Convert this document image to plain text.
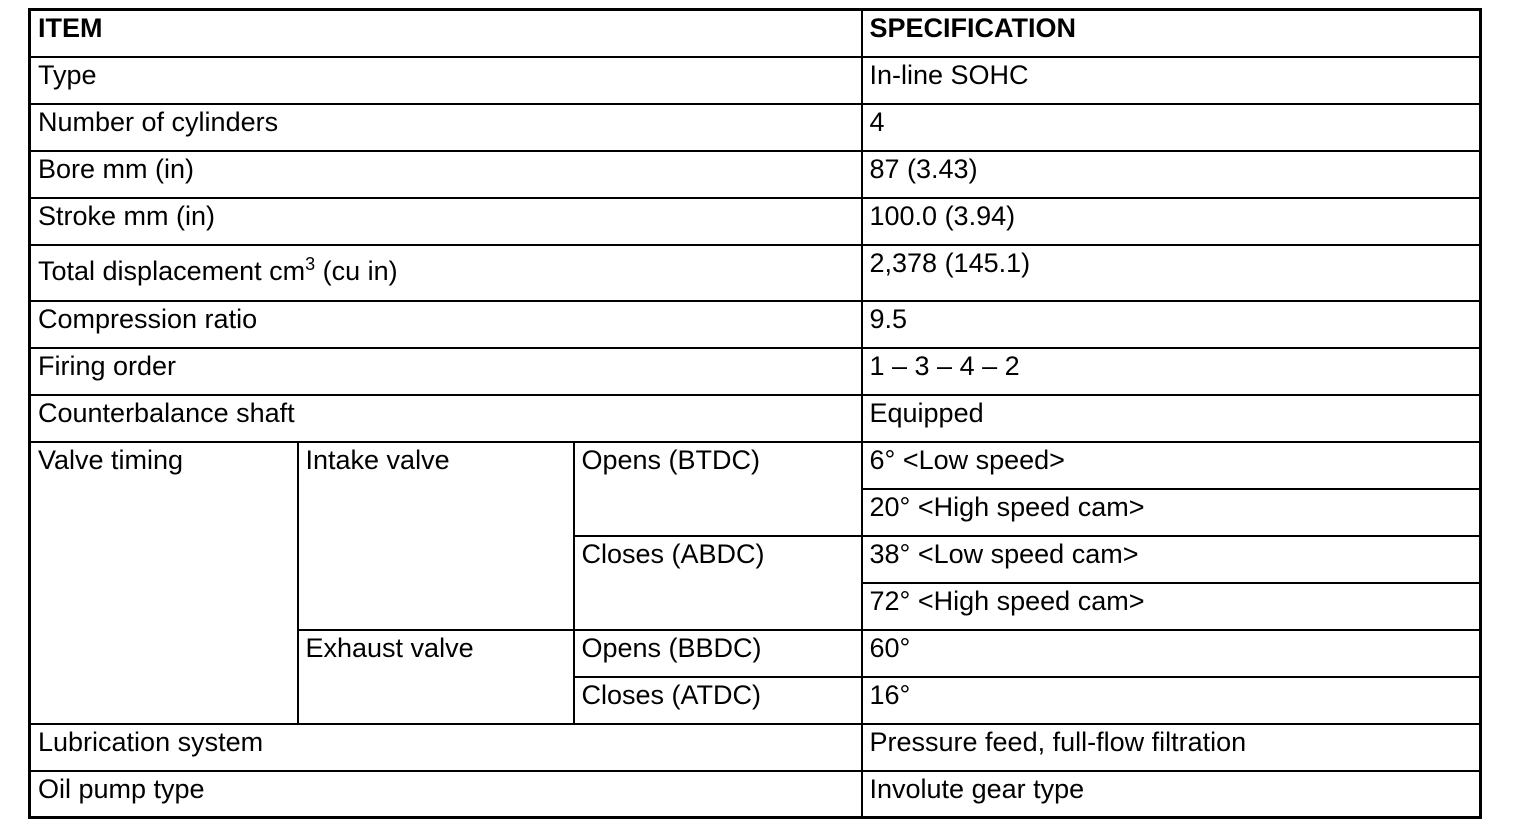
ITEM			SPECIFICATION
Type			In-line SOHC
Number of cylinders			4
Bore mm (in)			87 (3.43)
Stroke mm (in)			100.0 (3.94)
Total displacement $cm^3$ (cu in)			2,378 (145.1)
Compression ratio			9.5
Firing order			1 – 3 – 4 – 2
Counterbalance shaft			Equipped
Valve timing	Intake valve	Opens (BTDC)	6° <Low speed>
			20° <High speed cam>
		Closes (ABDC)	38° <Low speed cam>
			72° <High speed cam>
	Exhaust valve	Opens (BBDC)	60°
		Closes (ATDC)	16°
Lubrication system			Pressure feed, full-flow filtration
Oil pump type			Involute gear type
